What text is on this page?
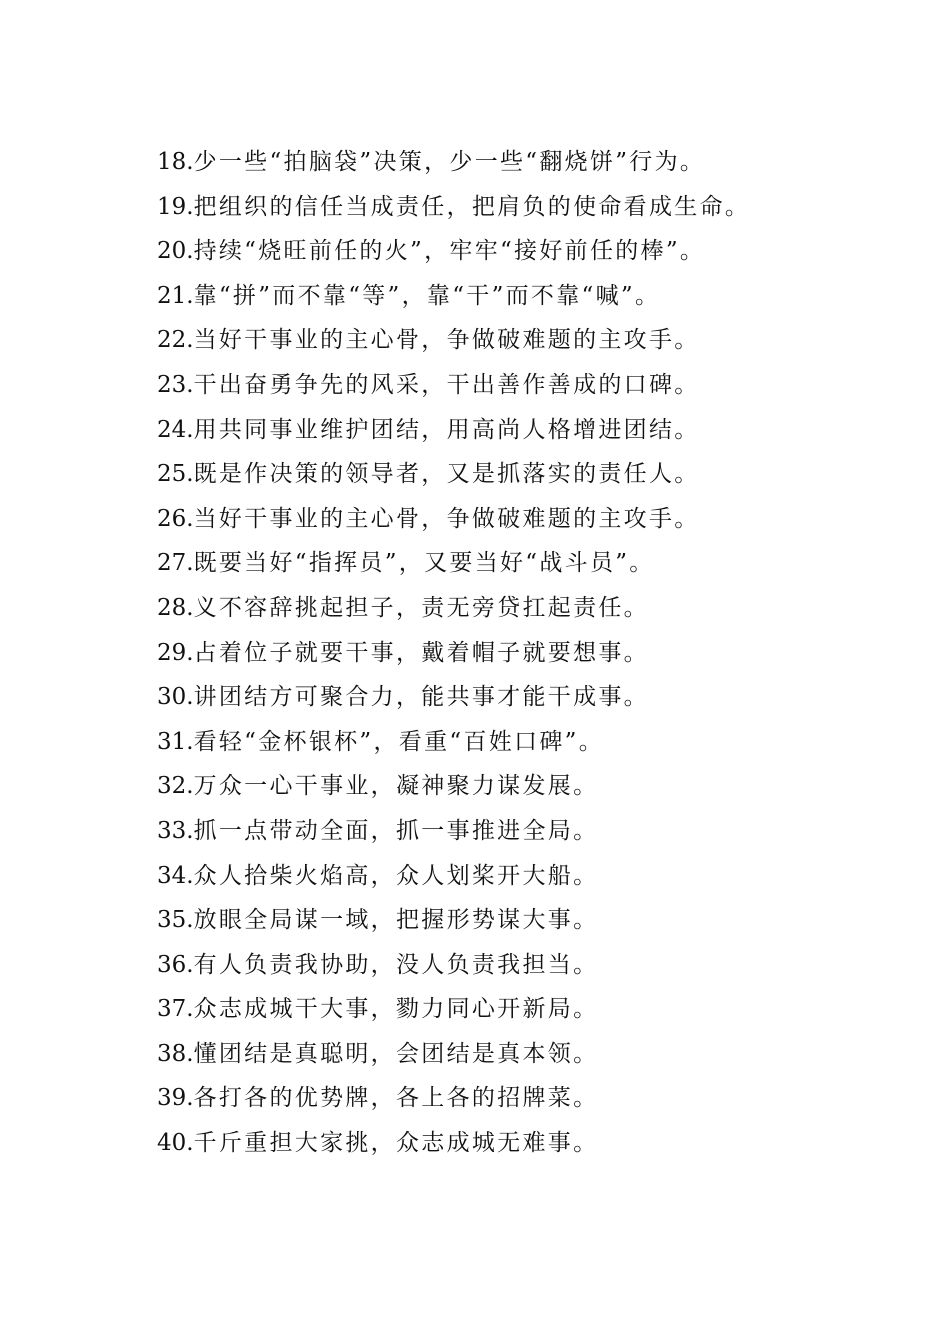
18.少一些“拍脑袋”决策，少一些“翻烧饼”行为。
19.把组织的信任当成责任，把肩负的使命看成生命。
20.持续“烧旺前任的火”，牢牢“接好前任的棒”。
21.靠“拼”而不靠“等”，靠“干”而不靠“喊”。
22.当好干事业的主心骨，争做破难题的主攻手。
23.干出奋勇争先的风采，干出善作善成的口碑。
24.用共同事业维护团结，用高尚人格增进团结。
25.既是作决策的领导者，又是抓落实的责任人。
26.当好干事业的主心骨，争做破难题的主攻手。
27.既要当好“指挥员”，又要当好“战斗员”。
28.义不容辞挑起担子，责无旁贷扛起责任。
29.占着位子就要干事，戴着帽子就要想事。
30.讲团结方可聚合力，能共事才能干成事。
31.看轻“金杯银杯”，看重“百姓口碑”。
32.万众一心干事业，凝神聚力谋发展。
33.抓一点带动全面，抓一事推进全局。
34.众人拾柴火焰高，众人划桨开大船。
35.放眼全局谋一域，把握形势谋大事。
36.有人负责我协助，没人负责我担当。
37.众志成城干大事，勠力同心开新局。
38.懂团结是真聪明，会团结是真本领。
39.各打各的优势牌，各上各的招牌菜。
40.千斤重担大家挑，众志成城无难事。
